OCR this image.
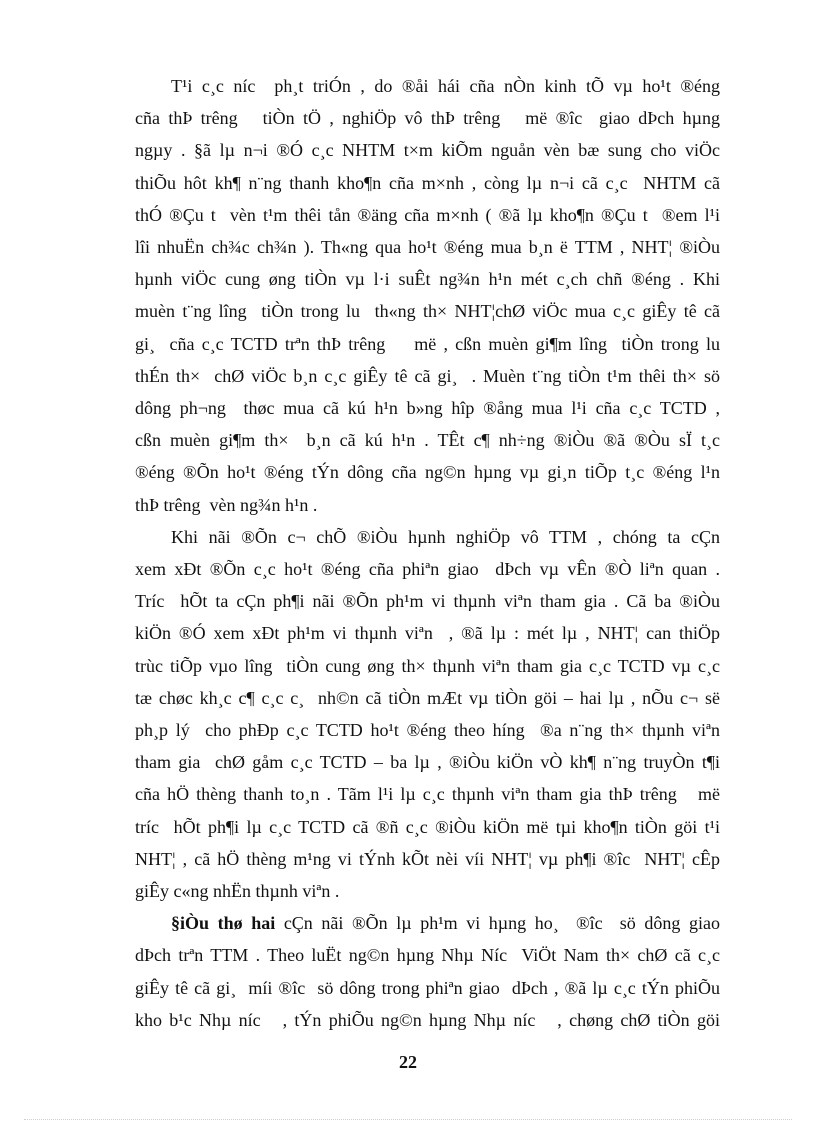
T¹i c¸c níc  ph¸t triÓn , do ®åi hái cña nÒn kinh tÕ vµ ho¹t ®éng
cña thÞ trêng   tiÒn tÖ , nghiÖp vô thÞ trêng   më ®îc  giao dÞch hµng
ngµy . §ã lµ n¬i ®Ó c¸c NHTM t×m kiÕm nguån vèn bæ sung cho viÖc
thiÕu hôt kh¶ n¨ng thanh kho¶n cña m×nh , còng lµ n¬i cã c¸c  NHTM cã
thÓ ®Çu t  vèn t¹m thêi tån ®äng cña m×nh ( ®ã lµ kho¶n ®Çu t  ®em l¹i
lîi nhuËn ch¾c ch¾n ). Th«ng qua ho¹t ®éng mua b¸n ë TTM , NHT¦ ®iÒu
hµnh viÖc cung øng tiÒn vµ l·i suÊt ng¾n h¹n mét c¸ch chñ ®éng . Khi
muèn t¨ng lîng  tiÒn trong lu  th«ng th× NHT¦chØ viÖc mua c¸c giÊy tê cã
gi¸  cña c¸c TCTD trªn thÞ trêng    më , cßn muèn gi¶m lîng  tiÒn trong lu
thÉn th×  chØ viÖc b¸n c¸c giÊy tê cã gi¸  . Muèn t¨ng tiÒn t¹m thêi th× sö
dông ph¬ng  thøc mua cã kú h¹n b»ng hîp ®ång mua l¹i cña c¸c TCTD ,
cßn muèn gi¶m th×  b¸n cã kú h¹n . TÊt c¶ nh÷ng ®iÒu ®ã ®Òu sÏ t¸c
®éng ®Õn ho¹t ®éng tÝn dông cña ng©n hµng vµ gi¸n tiÕp t¸c ®éng l¹n
thÞ trêng  vèn ng¾n h¹n .

Khi nãi ®Õn c¬ chÕ ®iÒu hµnh nghiÖp vô TTM , chóng ta cÇn
xem xÐt ®Õn c¸c ho¹t ®éng cña phiªn giao  dÞch vµ vÊn ®Ò liªn quan .
Tríc  hÕt ta cÇn ph¶i nãi ®Õn ph¹m vi thµnh viªn tham gia . Cã ba ®iÒu
kiÖn ®Ó xem xÐt ph¹m vi thµnh viªn  , ®ã lµ : mét lµ , NHT¦ can thiÖp
trùc tiÕp vµo lîng  tiÒn cung øng th× thµnh viªn tham gia c¸c TCTD vµ c¸c
tæ chøc kh¸c c¶ c¸c c¸  nh©n cã tiÒn mÆt vµ tiÒn göi – hai lµ , nÕu c¬ së
ph¸p lý  cho phÐp c¸c TCTD ho¹t ®éng theo híng  ®a n¨ng th× thµnh viªn
tham gia  chØ gåm c¸c TCTD – ba lµ , ®iÒu kiÖn vÒ kh¶ n¨ng truyÒn t¶i
cña hÖ thèng thanh to¸n . Tãm l¹i lµ c¸c thµnh viªn tham gia thÞ trêng   më
tríc  hÕt ph¶i lµ c¸c TCTD cã ®ñ c¸c ®iÒu kiÖn më tµi kho¶n tiÒn göi t¹i
NHT¦ , cã hÖ thèng m¹ng vi tÝnh kÕt nèi víi NHT¦ vµ ph¶i ®îc  NHT¦ cÊp
giÊy c«ng nhËn thµnh viªn .

§iÒu thø hai cÇn nãi ®Õn lµ ph¹m vi hµng ho¸  ®îc  sö dông giao
dÞch trªn TTM . Theo luËt ng©n hµng Nhµ Níc  ViÖt Nam th× chØ cã c¸c
giÊy tê cã gi¸  míi ®îc  sö dông trong phiªn giao  dÞch , ®ã lµ c¸c tÝn phiÕu
kho b¹c Nhµ níc   , tÝn phiÕu ng©n hµng Nhµ níc   , chøng chØ tiÒn göi

22
